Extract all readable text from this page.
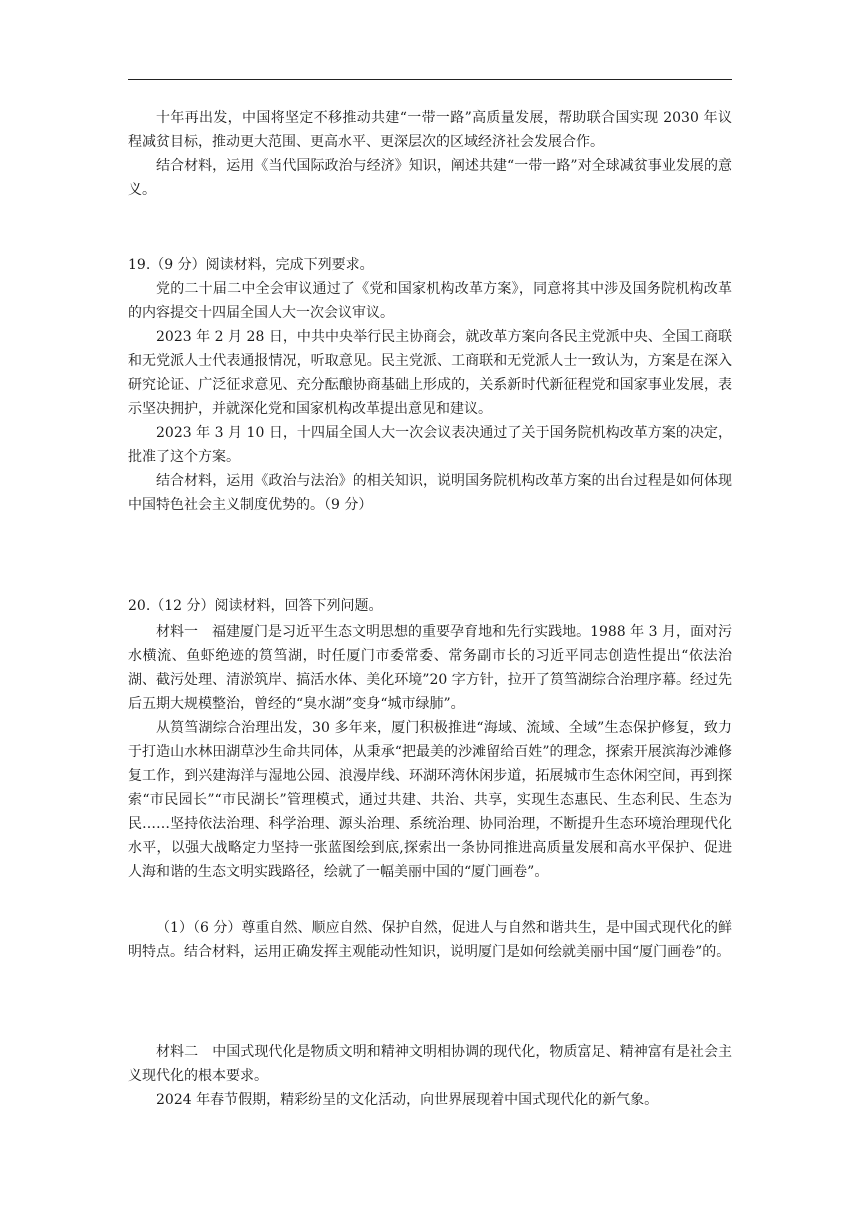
十年再出发，中国将坚定不移推动共建“一带一路”高质量发展，帮助联合国实现 2030 年议程减贫目标，推动更大范围、更高水平、更深层次的区域经济社会发展合作。

结合材料，运用《当代国际政治与经济》知识，阐述共建“一带一路”对全球减贫事业发展的意义。

19.（9 分）阅读材料，完成下列要求。

党的二十届二中全会审议通过了《党和国家机构改革方案》，同意将其中涉及国务院机构改革的内容提交十四届全国人大一次会议审议。

2023 年 2 月 28 日，中共中央举行民主协商会，就改革方案向各民主党派中央、全国工商联和无党派人士代表通报情况，听取意见。民主党派、工商联和无党派人士一致认为，方案是在深入研究论证、广泛征求意见、充分酝酿协商基础上形成的，关系新时代新征程党和国家事业发展，表示坚决拥护，并就深化党和国家机构改革提出意见和建议。

2023 年 3 月 10 日，十四届全国人大一次会议表决通过了关于国务院机构改革方案的决定，批准了这个方案。

结合材料，运用《政治与法治》的相关知识，说明国务院机构改革方案的出台过程是如何体现中国特色社会主义制度优势的。（9 分）

20.（12 分）阅读材料，回答下列问题。

材料一　福建厦门是习近平生态文明思想的重要孕育地和先行实践地。1988 年 3 月，面对污水横流、鱼虾绝迹的筼筜湖，时任厦门市委常委、常务副市长的习近平同志创造性提出“依法治湖、截污处理、清淤筑岸、搞活水体、美化环境”20 字方针，拉开了筼筜湖综合治理序幕。经过先后五期大规模整治，曾经的“臭水湖”变身“城市绿肺”。

从筼筜湖综合治理出发，30 多年来，厦门积极推进“海域、流域、全域”生态保护修复，致力于打造山水林田湖草沙生命共同体，从秉承“把最美的沙滩留给百姓”的理念，探索开展滨海沙滩修复工作，到兴建海洋与湿地公园、浪漫岸线、环湖环湾休闲步道，拓展城市生态休闲空间，再到探索“市民园长”“市民湖长”管理模式，通过共建、共治、共享，实现生态惠民、生态利民、生态为民……坚持依法治理、科学治理、源头治理、系统治理、协同治理，不断提升生态环境治理现代化水平，以强大战略定力坚持一张蓝图绘到底,探索出一条协同推进高质量发展和高水平保护、促进人海和谐的生态文明实践路径，绘就了一幅美丽中国的“厦门画卷”。

（1）（6 分）尊重自然、顺应自然、保护自然，促进人与自然和谐共生，是中国式现代化的鲜明特点。结合材料，运用正确发挥主观能动性知识，说明厦门是如何绘就美丽中国“厦门画卷”的。

材料二　中国式现代化是物质文明和精神文明相协调的现代化，物质富足、精神富有是社会主义现代化的根本要求。

2024 年春节假期，精彩纷呈的文化活动，向世界展现着中国式现代化的新气象。
